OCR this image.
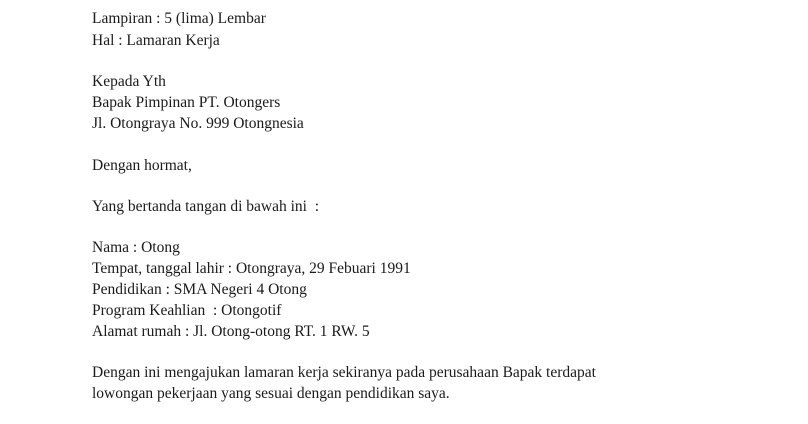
Lampiran : 5 (lima) Lembar
Hal : Lamaran Kerja
Kepada Yth
Bapak Pimpinan PT. Otongers
Jl. Otongraya No. 999 Otongnesia
Dengan hormat,
Yang bertanda tangan di bawah ini  :
Nama : Otong
Tempat, tanggal lahir : Otongraya, 29 Febuari 1991
Pendidikan : SMA Negeri 4 Otong
Program Keahlian  : Otongotif
Alamat rumah : Jl. Otong-otong RT. 1 RW. 5
Dengan ini mengajukan lamaran kerja sekiranya pada perusahaan Bapak terdapat
lowongan pekerjaan yang sesuai dengan pendidikan saya.
